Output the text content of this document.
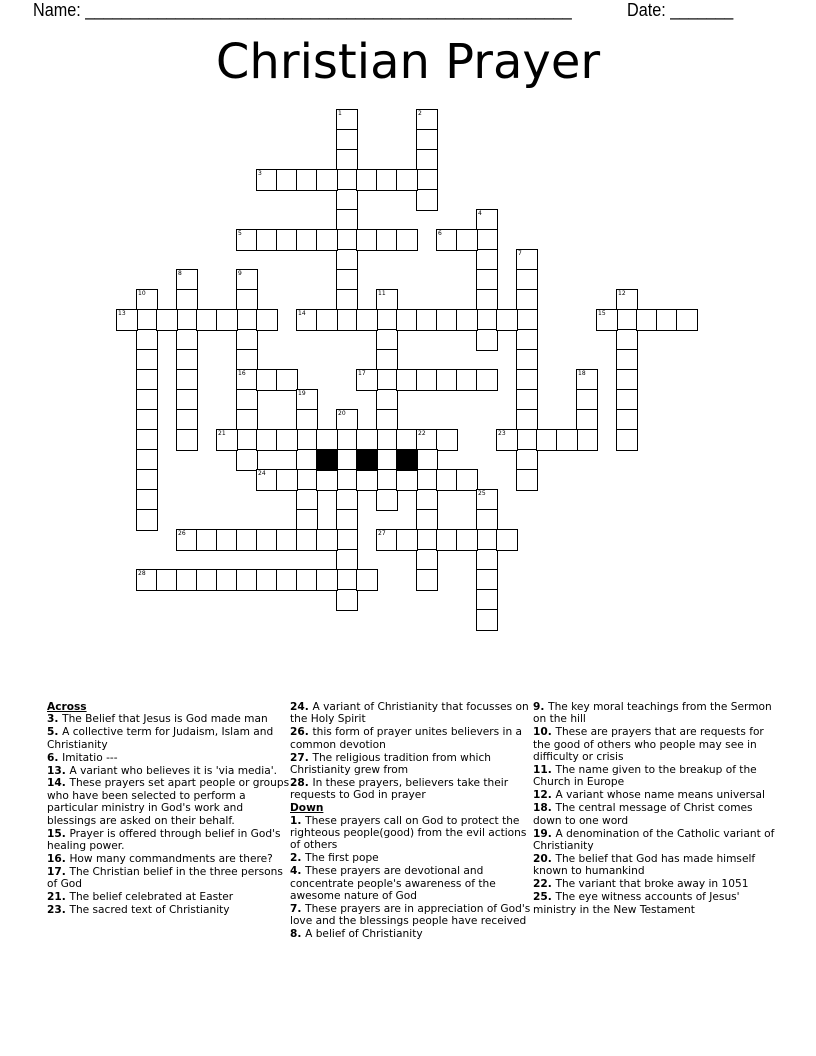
Name: ______________________________________________________	Date: _______
Christian Prayer
1	2
3
4
5	6
7
8	9
16
10	11	12
13	14	15
17	18
19
20
21	22	23
24
25
26	27
28
Across
3. The Belief that Jesus is God made man
5. A collective term for Judaism, Islam and Christianity
6. Imitatio ---
13. A variant who believes it is 'via media'.
14. These prayers set apart people or groups who have been selected to perform a particular ministry in God's work and blessings are asked on their behalf.
15. Prayer is offered through belief in God's healing power.
16. How many commandments are there?
17. The Christian belief in the three persons of God
21. The belief celebrated at Easter
23. The sacred text of Christianity
24. A variant of Christianity that focusses on the Holy Spirit
26. this form of prayer unites believers in a common devotion
27. The religious tradition from which Christianity grew from
28. In these prayers, believers take their requests to God in prayer
Down
1. These prayers call on God to protect the righteous people(good) from the evil actions of others
2. The first pope
4. These prayers are devotional and concentrate people's awareness of the awesome nature of God
7. These prayers are in appreciation of God's love and the blessings people have received
8. A belief of Christianity
9. The key moral teachings from the Sermon on the hill
10. These are prayers that are requests for the good of others who people may see in difficulty or crisis
11. The name given to the breakup of the Church in Europe
12. A variant whose name means universal
18. The central message of Christ comes down to one word
19. A denomination of the Catholic variant of Christianity
20. The belief that God has made himself known to humankind
22. The variant that broke away in 1051
25. The eye witness accounts of Jesus' ministry in the New Testament
